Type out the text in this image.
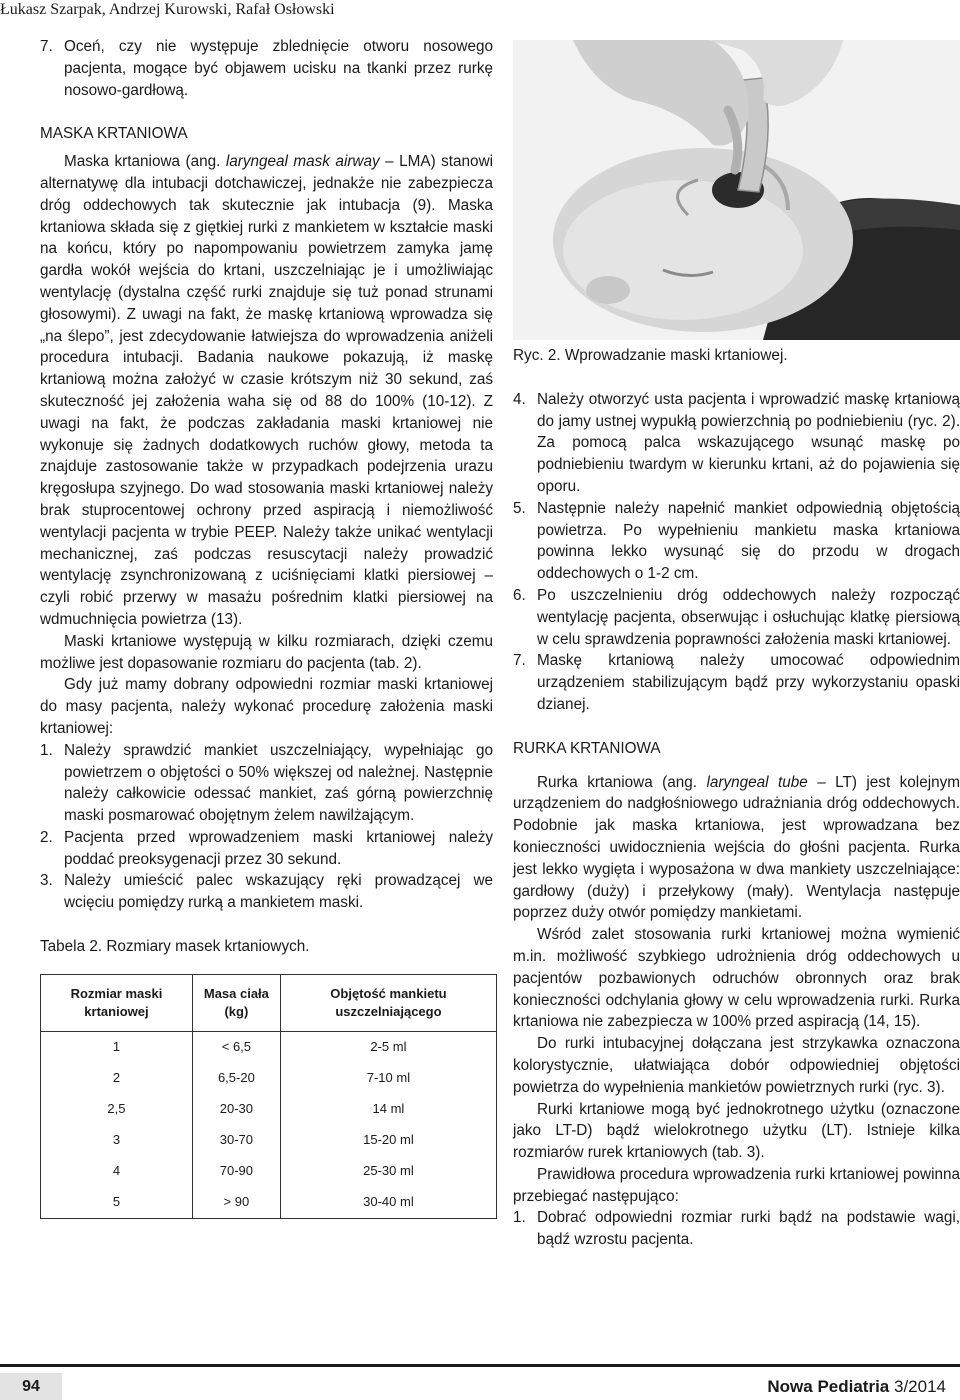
Łukasz Szarpak, Andrzej Kurowski, Rafał Osłowski
7. Oceń, czy nie występuje zblednięcie otworu nosowego pacjenta, mogące być objawem ucisku na tkanki przez rurkę nosowo-gardłową.
MASKA KRTANIOWA

Maska krtaniowa (ang. laryngeal mask airway – LMA) stanowi alternatywę dla intubacji dotchawiczej, jednakże nie zabezpiecza dróg oddechowych tak skutecznie jak intubacja (9). Maska krtaniowa składa się z giętkiej rurki z mankietem w kształcie maski na końcu, który po napompowaniu powietrzem zamyka jamę gardła wokół wejścia do krtani, uszczelniając je i umożliwiając wentylację (dystalna część rurki znajduje się tuż ponad strunami głosowymi). Z uwagi na fakt, że maskę krtaniową wprowadza się „na ślepo”, jest zdecydowanie łatwiejsza do wprowadzenia aniżeli procedura intubacji. Badania naukowe pokazują, iż maskę krtaniową można założyć w czasie krótszym niż 30 sekund, zaś skuteczność jej założenia waha się od 88 do 100% (10-12). Z uwagi na fakt, że podczas zakładania maski krtaniowej nie wykonuje się żadnych dodatkowych ruchów głowy, metoda ta znajduje zastosowanie także w przypadkach podejrzenia urazu kręgosłupa szyjnego. Do wad stosowania maski krtaniowej należy brak stuprocentowej ochrony przed aspiracją i niemożliwość wentylacji pacjenta w trybie PEEP. Należy także unikać wentylacji mechanicznej, zaś podczas resuscytacji należy prowadzić wentylację zsynchronizowaną z uciśnięciami klatki piersiowej – czyli robić przerwy w masażu pośrednim klatki piersiowej na wdmuchnięcia powietrza (13).

Maski krtaniowe występują w kilku rozmiarach, dzięki czemu możliwe jest dopasowanie rozmiaru do pacjenta (tab. 2).

Gdy już mamy dobrany odpowiedni rozmiar maski krtaniowej do masy pacjenta, należy wykonać procedurę założenia maski krtaniowej:

1. Należy sprawdzić mankiet uszczelniający, wypełniając go powietrzem o objętości o 50% większej od należnej. Następnie należy całkowicie odessać mankiet, zaś górną powierzchnię maski posmarować obojętnym żelem nawilżającym.
2. Pacjenta przed wprowadzeniem maski krtaniowej należy poddać preoksygenacji przez 30 sekund.
3. Należy umieścić palec wskazujący ręki prowadzącej we wcięciu pomiędzy rurką a mankietem maski.

Tabela 2. Rozmiary masek krtaniowych.

Rozmiar maski krtaniowej	Masa ciała (kg)	Objętość mankietu uszczelniającego
1	< 6,5	2-5 ml
2	6,5-20	7-10 ml
2,5	20-30	14 ml
3	30-70	15-20 ml
4	70-90	25-30 ml
5	> 90	30-40 ml

Ryc. 2. Wprowadzanie maski krtaniowej.

4. Należy otworzyć usta pacjenta i wprowadzić maskę krtaniową do jamy ustnej wypukłą powierzchnią po podniebieniu (ryc. 2). Za pomocą palca wskazującego wsunąć maskę po podniebieniu twardym w kierunku krtani, aż do pojawienia się oporu.
5. Następnie należy napełnić mankiet odpowiednią objętością powietrza. Po wypełnieniu mankietu maska krtaniowa powinna lekko wysunąć się do przodu w drogach oddechowych o 1-2 cm.
6. Po uszczelnieniu dróg oddechowych należy rozpocząć wentylację pacjenta, obserwując i osłuchując klatkę piersiową w celu sprawdzenia poprawności założenia maski krtaniowej.
7. Maskę krtaniową należy umocować odpowiednim urządzeniem stabilizującym bądź przy wykorzystaniu opaski dzianej.
RURKA KRTANIOWA

Rurka krtaniowa (ang. laryngeal tube – LT) jest kolejnym urządzeniem do nadgłośniowego udrażniania dróg oddechowych. Podobnie jak maska krtaniowa, jest wprowadzana bez konieczności uwidocznienia wejścia do głośni pacjenta. Rurka jest lekko wygięta i wyposażona w dwa mankiety uszczelniające: gardłowy (duży) i przełykowy (mały). Wentylacja następuje poprzez duży otwór pomiędzy mankietami.

Wśród zalet stosowania rurki krtaniowej można wymienić m.in. możliwość szybkiego udrożnienia dróg oddechowych u pacjentów pozbawionych odruchów obronnych oraz brak konieczności odchylania głowy w celu wprowadzenia rurki. Rurka krtaniowa nie zabezpiecza w 100% przed aspiracją (14, 15).

Do rurki intubacyjnej dołączana jest strzykawka oznaczona kolorystycznie, ułatwiająca dobór odpowiedniej objętości powietrza do wypełnienia mankietów powietrznych rurki (ryc. 3).

Rurki krtaniowe mogą być jednokrotnego użytku (oznaczone jako LT-D) bądź wielokrotnego użytku (LT). Istnieje kilka rozmiarów rurek krtaniowych (tab. 3).

Prawidłowa procedura wprowadzenia rurki krtaniowej powinna przebiegać następująco:

1. Dobrać odpowiedni rozmiar rurki bądź na podstawie wagi, bądź wzrostu pacjenta.
94	Nowa Pediatria 3/2014
